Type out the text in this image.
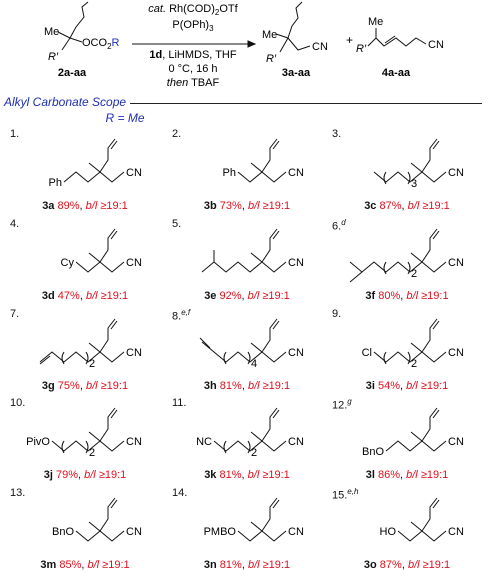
Me
R′
$OCO_2R$
2a-aa
cat. $Rh(COD)_2OTf$
$P(OPh)_3$
1d, LiHMDS, THF
0 °C, 16 h
then TBAF
Me
R′
CN
3a-aa
+
Me
R′	CN
4a-aa
Alkyl Carbonate Scope
R = Me
1.
CN
Ph
3a 89%, b/l ≥19:1
2.
CN
Ph
3b 73%, b/l ≥19:1
3.
CN
3
3c 87%, b/l ≥19:1
4.
CN
Cy
3d 47%, b/l ≥19:1
5.
CN
3e 92%, b/l ≥19:1
6.$^d$
CN
2
3f 80%, b/l ≥19:1
7.
CN
2
3g 75%, b/l ≥19:1
8.$^{e,f}$
CN
4
3h 81%, b/l ≥19:1
9.
CN
Cl
2
3i 54%, b/l ≥19:1
10.
CN
PivO
2
3j 79%, b/l ≥19:1
11.
CN
NC
2
3k 81%, b/l ≥19:1
12.$^g$
CN
BnO
3l 86%, b/l ≥19:1
13.
CN
BnO
3m 85%, b/l ≥19:1
14.
CN
PMBO
3n 81%, b/l ≥19:1
15.$^{e,h}$
CN
HO
3o 87%, b/l ≥19:1
